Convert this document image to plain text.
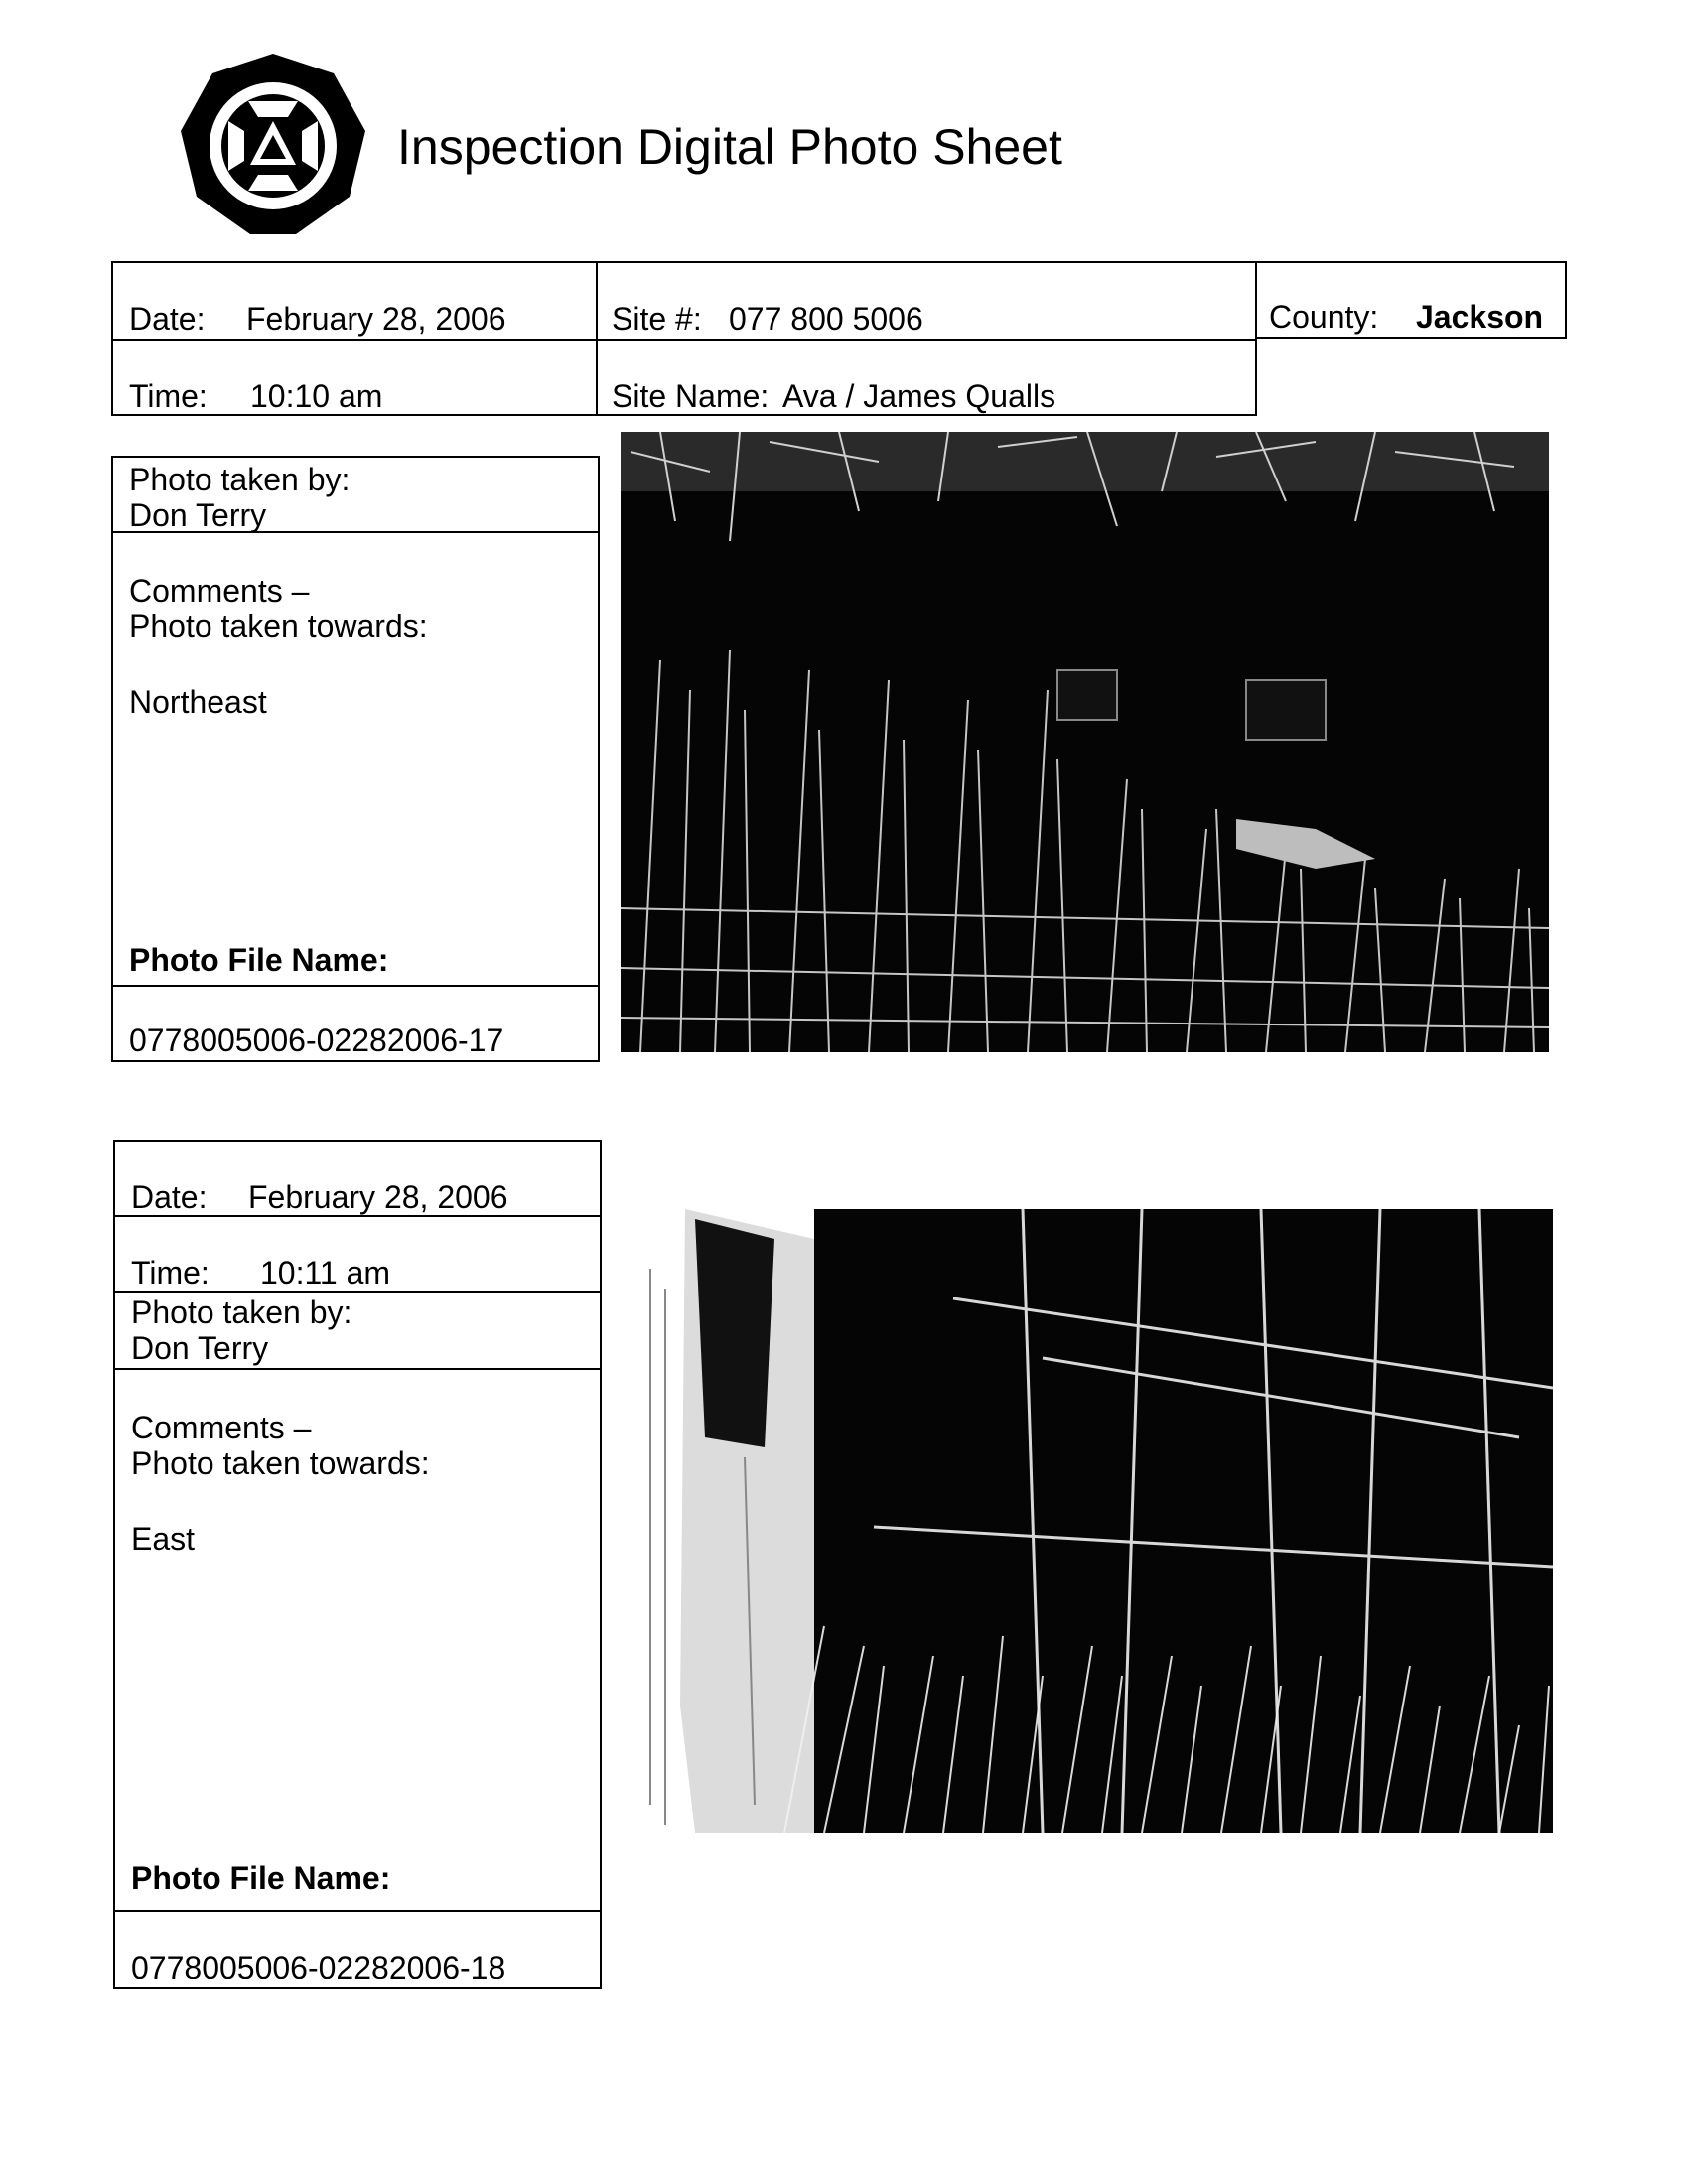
Inspection Digital Photo Sheet
Date: February 28, 2006	Site #: 077 800 5006	County: Jackson
Time: 10:10 am	Site Name: Ava / James Qualls
Photo taken by:
Don Terry
Comments –
Photo taken towards:
Northeast
Photo File Name:
0778005006-02282006-17
Date: February 28, 2006
Time: 10:11 am
Photo taken by:
Don Terry
Comments –
Photo taken towards:
East
Photo File Name:
0778005006-02282006-18
